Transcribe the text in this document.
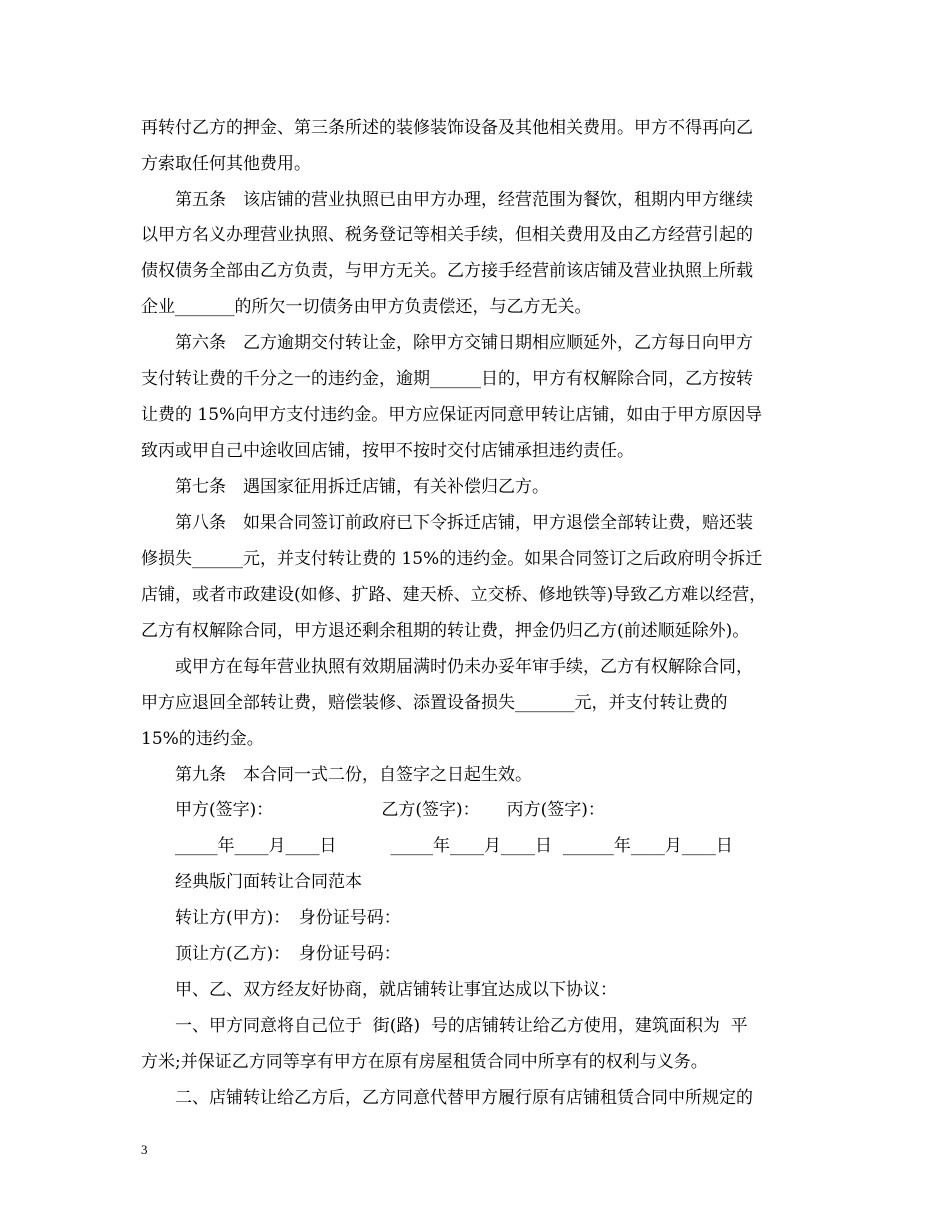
再转付乙方的押金、第三条所述的装修装饰设备及其他相关费用。甲方不得再向乙
方索取任何其他费用。
第五条　该店铺的营业执照已由甲方办理，经营范围为餐饮，租期内甲方继续
以甲方名义办理营业执照、税务登记等相关手续，但相关费用及由乙方经营引起的
债权债务全部由乙方负责，与甲方无关。乙方接手经营前该店铺及营业执照上所载
企业_______的所欠一切债务由甲方负责偿还，与乙方无关。
第六条　乙方逾期交付转让金，除甲方交铺日期相应顺延外，乙方每日向甲方
支付转让费的千分之一的违约金，逾期______日的，甲方有权解除合同，乙方按转
让费的 15%向甲方支付违约金。甲方应保证丙同意甲转让店铺，如由于甲方原因导
致丙或甲自己中途收回店铺，按甲不按时交付店铺承担违约责任。
第七条　遇国家征用拆迁店铺，有关补偿归乙方。
第八条　如果合同签订前政府已下令拆迁店铺，甲方退偿全部转让费，赔还装
修损失______元，并支付转让费的 15%的违约金。如果合同签订之后政府明令拆迁
店铺，或者市政建设(如修、扩路、建天桥、立交桥、修地铁等)导致乙方难以经营，
乙方有权解除合同，甲方退还剩余租期的转让费，押金仍归乙方(前述顺延除外)。
或甲方在每年营业执照有效期届满时仍未办妥年审手续，乙方有权解除合同，
甲方应退回全部转让费，赔偿装修、添置设备损失_______元，并支付转让费的
15%的违约金。
第九条　本合同一式二份，自签字之日起生效。
甲方(签字)：                    乙方(签字)：     丙方(签字)：
_____年____月____日          _____年____月____日  ______年____月____日
经典版门面转让合同范本
转让方(甲方)：　身份证号码：
顶让方(乙方)：　身份证号码：
甲、乙、双方经友好协商，就店铺转让事宜达成以下协议：
一、甲方同意将自己位于  街(路)  号的店铺转让给乙方使用，建筑面积为  平
方米;并保证乙方同等享有甲方在原有房屋租赁合同中所享有的权利与义务。
二、店铺转让给乙方后，乙方同意代替甲方履行原有店铺租赁合同中所规定的
3
